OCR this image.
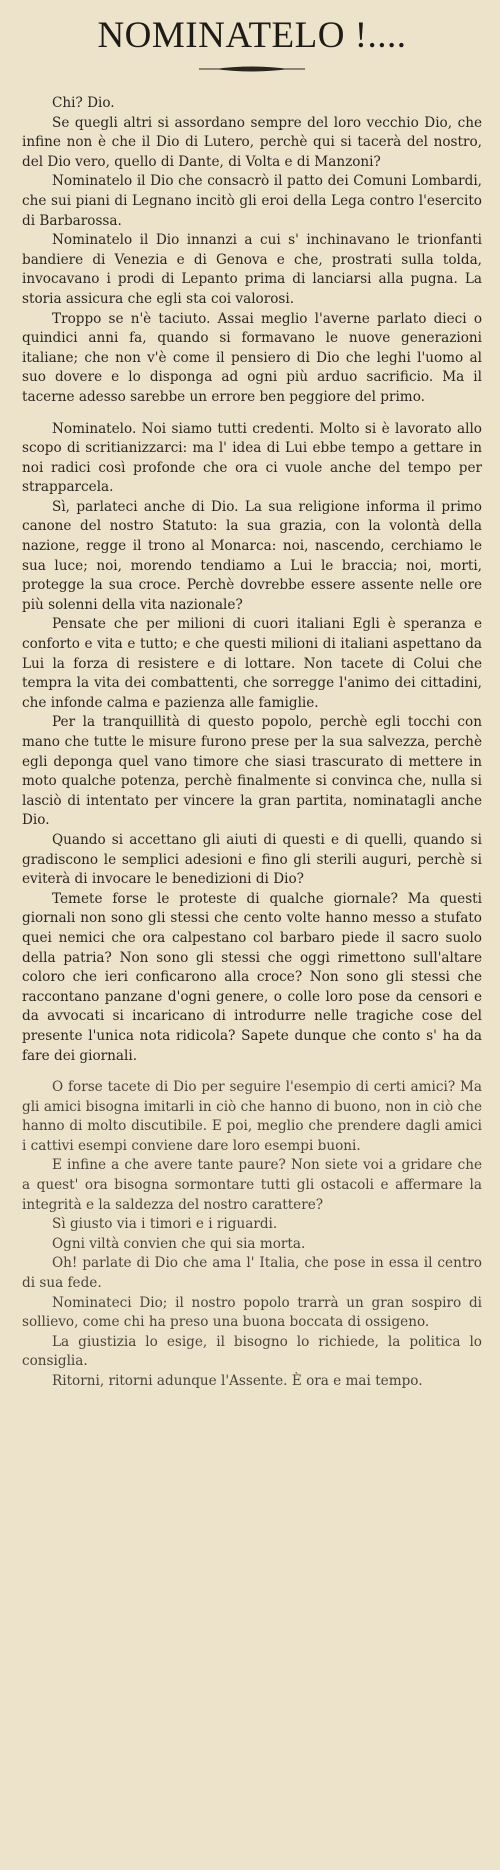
NOMINATELO !....

Chi? Dio.

Se quegli altri si assordano sempre del loro vecchio Dio, che infine non è che il Dio di Lutero, perchè qui si tacerà del nostro, del Dio vero, quello di Dante, di Volta e di Manzoni?

Nominatelo il Dio che consacrò il patto dei Comuni Lombardi, che sui piani di Legnano incitò gli eroi della Lega contro l'esercito di Barbarossa.

Nominatelo il Dio innanzi a cui s' inchinavano le trionfanti bandiere di Venezia e di Genova e che, prostrati sulla tolda, invocavano i prodi di Lepanto prima di lanciarsi alla pugna. La storia assicura che egli sta coi valorosi.

Troppo se n'è taciuto. Assai meglio l'averne parlato dieci o quindici anni fa, quando si formavano le nuove generazioni italiane; che non v'è come il pensiero di Dio che leghi l'uomo al suo dovere e lo disponga ad ogni più arduo sacrificio. Ma il tacerne adesso sarebbe un errore ben peggiore del primo.

Nominatelo. Noi siamo tutti credenti. Molto si è lavorato allo scopo di scritianizzarci: ma l' idea di Lui ebbe tempo a gettare in noi radici così profonde che ora ci vuole anche del tempo per strapparcela.

Sì, parlateci anche di Dio. La sua religione informa il primo canone del nostro Statuto: la sua grazia, con la volontà della nazione, regge il trono al Monarca: noi, nascendo, cerchiamo le sua luce; noi, morendo tendiamo a Lui le braccia; noi, morti, protegge la sua croce. Perchè dovrebbe essere assente nelle ore più solenni della vita nazionale?

Pensate che per milioni di cuori italiani Egli è speranza e conforto e vita e tutto; e che questi milioni di italiani aspettano da Lui la forza di resistere e di lottare. Non tacete di Colui che tempra la vita dei combattenti, che sorregge l'animo dei cittadini, che infonde calma e pazienza alle famiglie.

Per la tranquillità di questo popolo, perchè egli tocchi con mano che tutte le misure furono prese per la sua salvezza, perchè egli deponga quel vano timore che siasi trascurato di mettere in moto qualche potenza, perchè finalmente si convinca che, nulla si lasciò di intentato per vincere la gran partita, nominatagli anche Dio.

Quando si accettano gli aiuti di questi e di quelli, quando si gradiscono le semplici adesioni e fino gli sterili auguri, perchè si eviterà di invocare le benedizioni di Dio?

Temete forse le proteste di qualche giornale? Ma questi giornali non sono gli stessi che cento volte hanno messo a stufato quei nemici che ora calpestano col barbaro piede il sacro suolo della patria? Non sono gli stessi che oggi rimettono sull'altare coloro che ieri conficarono alla croce? Non sono gli stessi che raccontano panzane d'ogni genere, o colle loro pose da censori e da avvocati si incaricano di introdurre nelle tragiche cose del presente l'unica nota ridicola? Sapete dunque che conto s' ha da fare dei giornali.

O forse tacete di Dio per seguire l'esempio di certi amici? Ma gli amici bisogna imitarli in ciò che hanno di buono, non in ciò che hanno di molto discutibile. E poi, meglio che prendere dagli amici i cattivi esempi conviene dare loro esempi buoni.

E infine a che avere tante paure? Non siete voi a gridare che a quest' ora bisogna sormontare tutti gli ostacoli e affermare la integrità e la saldezza del nostro carattere?

Sì giusto via i timori e i riguardi.

Ogni viltà convien che qui sia morta.

Oh! parlate di Dio che ama l' Italia, che pose in essa il centro di sua fede.

Nominateci Dio; il nostro popolo trarrà un gran sospiro di sollievo, come chi ha preso una buona boccata di ossigeno.

La giustizia lo esige, il bisogno lo richiede, la politica lo consiglia.

Ritorni, ritorni adunque l'Assente. È ora e mai tempo.
